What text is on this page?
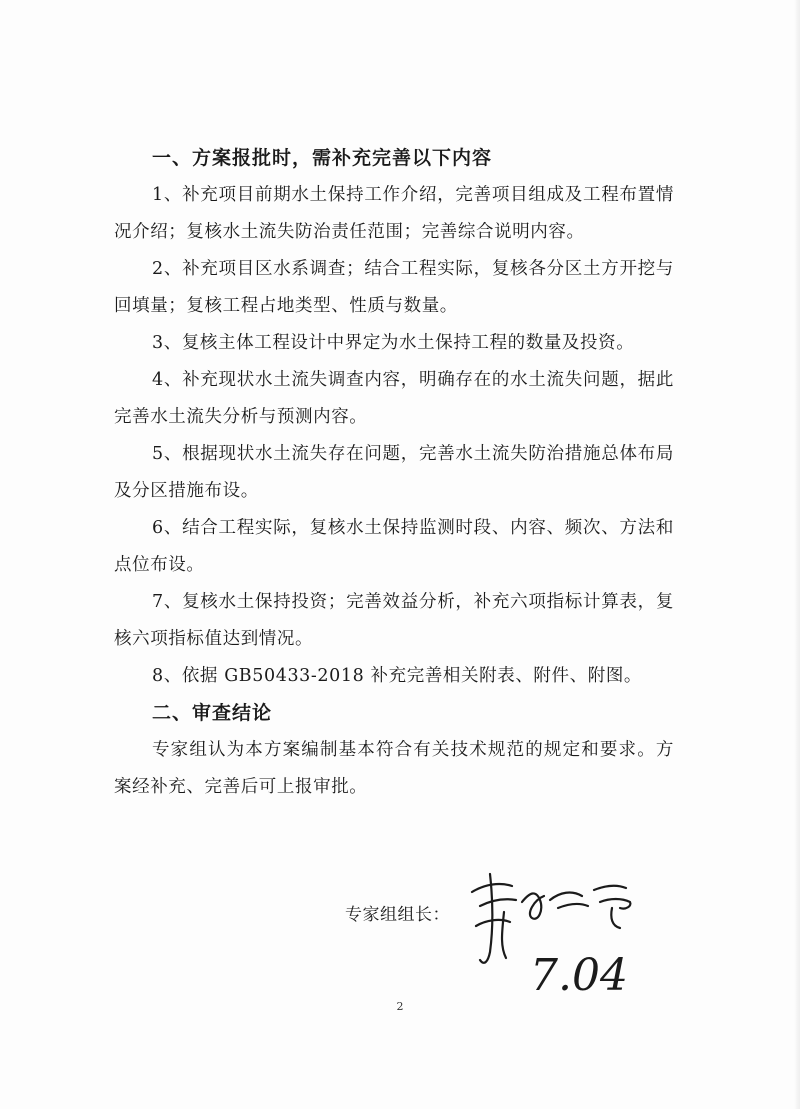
一、方案报批时，需补充完善以下内容

1、补充项目前期水土保持工作介绍，完善项目组成及工程布置情况介绍；复核水土流失防治责任范围；完善综合说明内容。

2、补充项目区水系调查；结合工程实际，复核各分区土方开挖与回填量；复核工程占地类型、性质与数量。

3、复核主体工程设计中界定为水土保持工程的数量及投资。

4、补充现状水土流失调查内容，明确存在的水土流失问题，据此完善水土流失分析与预测内容。

5、根据现状水土流失存在问题，完善水土流失防治措施总体布局及分区措施布设。

6、结合工程实际，复核水土保持监测时段、内容、频次、方法和点位布设。

7、复核水土保持投资；完善效益分析，补充六项指标计算表，复核六项指标值达到情况。

8、依据 GB50433-2018 补充完善相关附表、附件、附图。

二、审查结论

专家组认为本方案编制基本符合有关技术规范的规定和要求。方案经补充、完善后可上报审批。

专家组组长：
7.04
2
